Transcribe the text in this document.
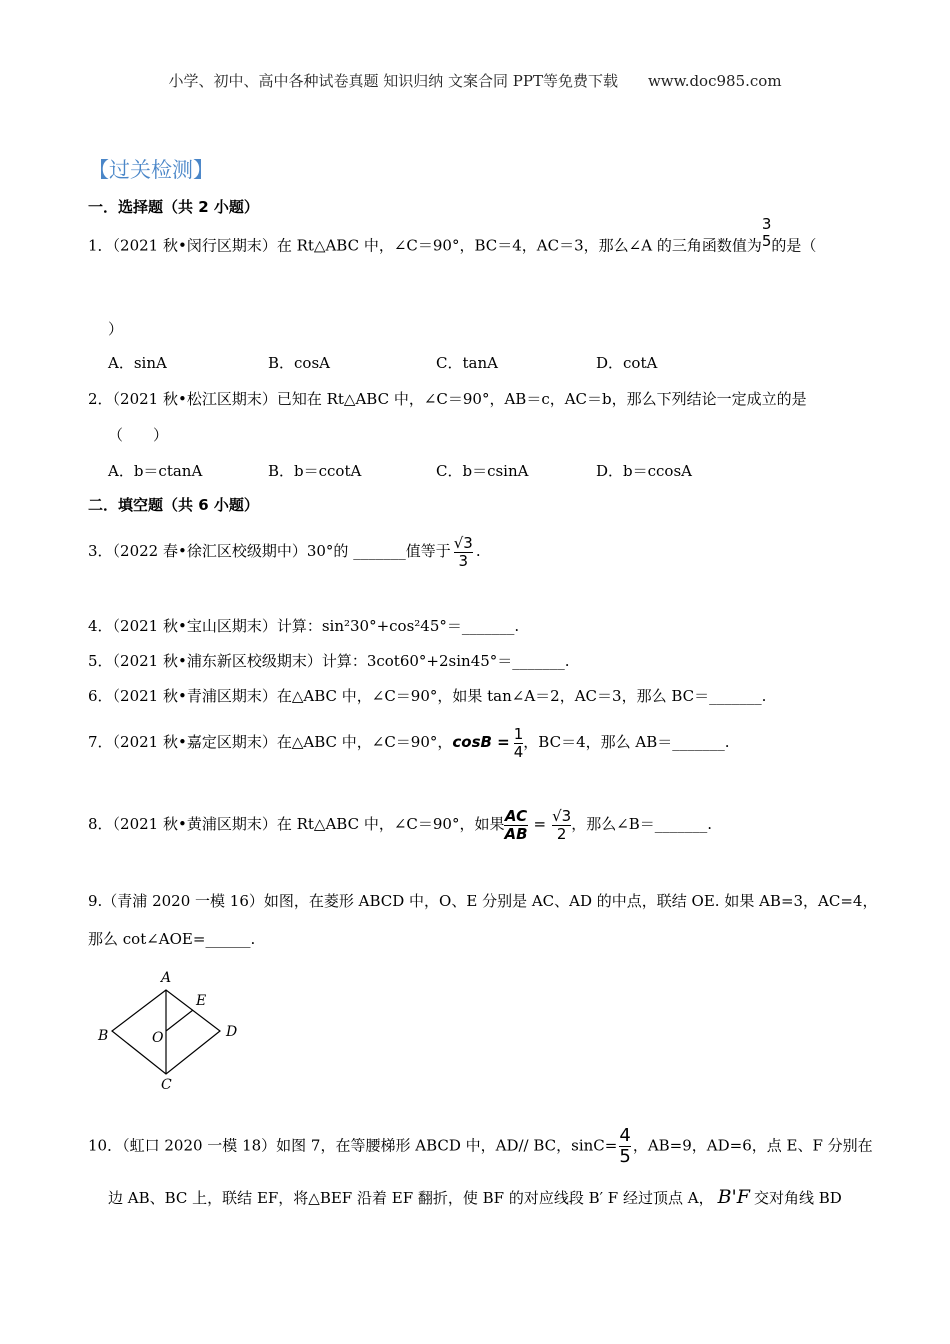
小学、初中、高中各种试卷真题 知识归纳 文案合同 PPT等免费下载　　www.doc985.com
【过关检测】
一．选择题（共 2 小题）
1．（2021 秋•闵行区期末）在 Rt△ABC 中，∠C＝90°，BC＝4，AC＝3，那么∠A 的三角函数值为
3
5 的是（
）
A．sinA	B．cosA	C．tanA	D．cotA
2．（2021 秋•松江区期末）已知在 Rt△ABC 中，∠C＝90°，AB＝c，AC＝b，那么下列结论一定成立的是
（　　）
A．b＝ctanA	B．b＝ccotA	C．b＝csinA	D．b＝ccosA
二．填空题（共 6 小题）
3．（2022 春•徐汇区校级期中）30°的 _______值等于 $\frac{√3}{3}$ .
4．（2021 秋•宝山区期末）计算：sin²30°+cos²45°＝_______.
5．（2021 秋•浦东新区校级期末）计算：3cot60°+2sin45°＝_______.
6．（2021 秋•青浦区期末）在△ABC 中，∠C＝90°，如果 tan∠A＝2，AC＝3，那么 BC＝_______.
7．（2021 秋•嘉定区期末）在△ABC 中，∠C＝90°，$\cos B = \frac{1}{4}$ ，BC＝4，那么 AB＝_______.
8．（2021 秋•黄浦区期末）在 Rt△ABC 中，∠C＝90°，如果 $\frac{AC}{AB} = \frac{√3}{2}$ ，那么∠B＝_______.
9.（青浦 2020 一模 16）如图，在菱形 ABCD 中，O、E 分别是 AC、AD 的中点，联结 OE. 如果 AB=3，AC=4，
那么 cot∠AOE=______.
A
E
B	O	D
C
10．（虹口 2020 一模 18）如图 7，在等腰梯形 ABCD 中，AD// BC，$\sin C= \frac{4}{5}$ ，AB=9，AD=6，点 E、F 分别在
边 AB、BC 上，联结 EF，将△BEF 沿着 EF 翻折，使 BF 的对应线段 B′ F 经过顶点 A， B'F 交对角线 BD
